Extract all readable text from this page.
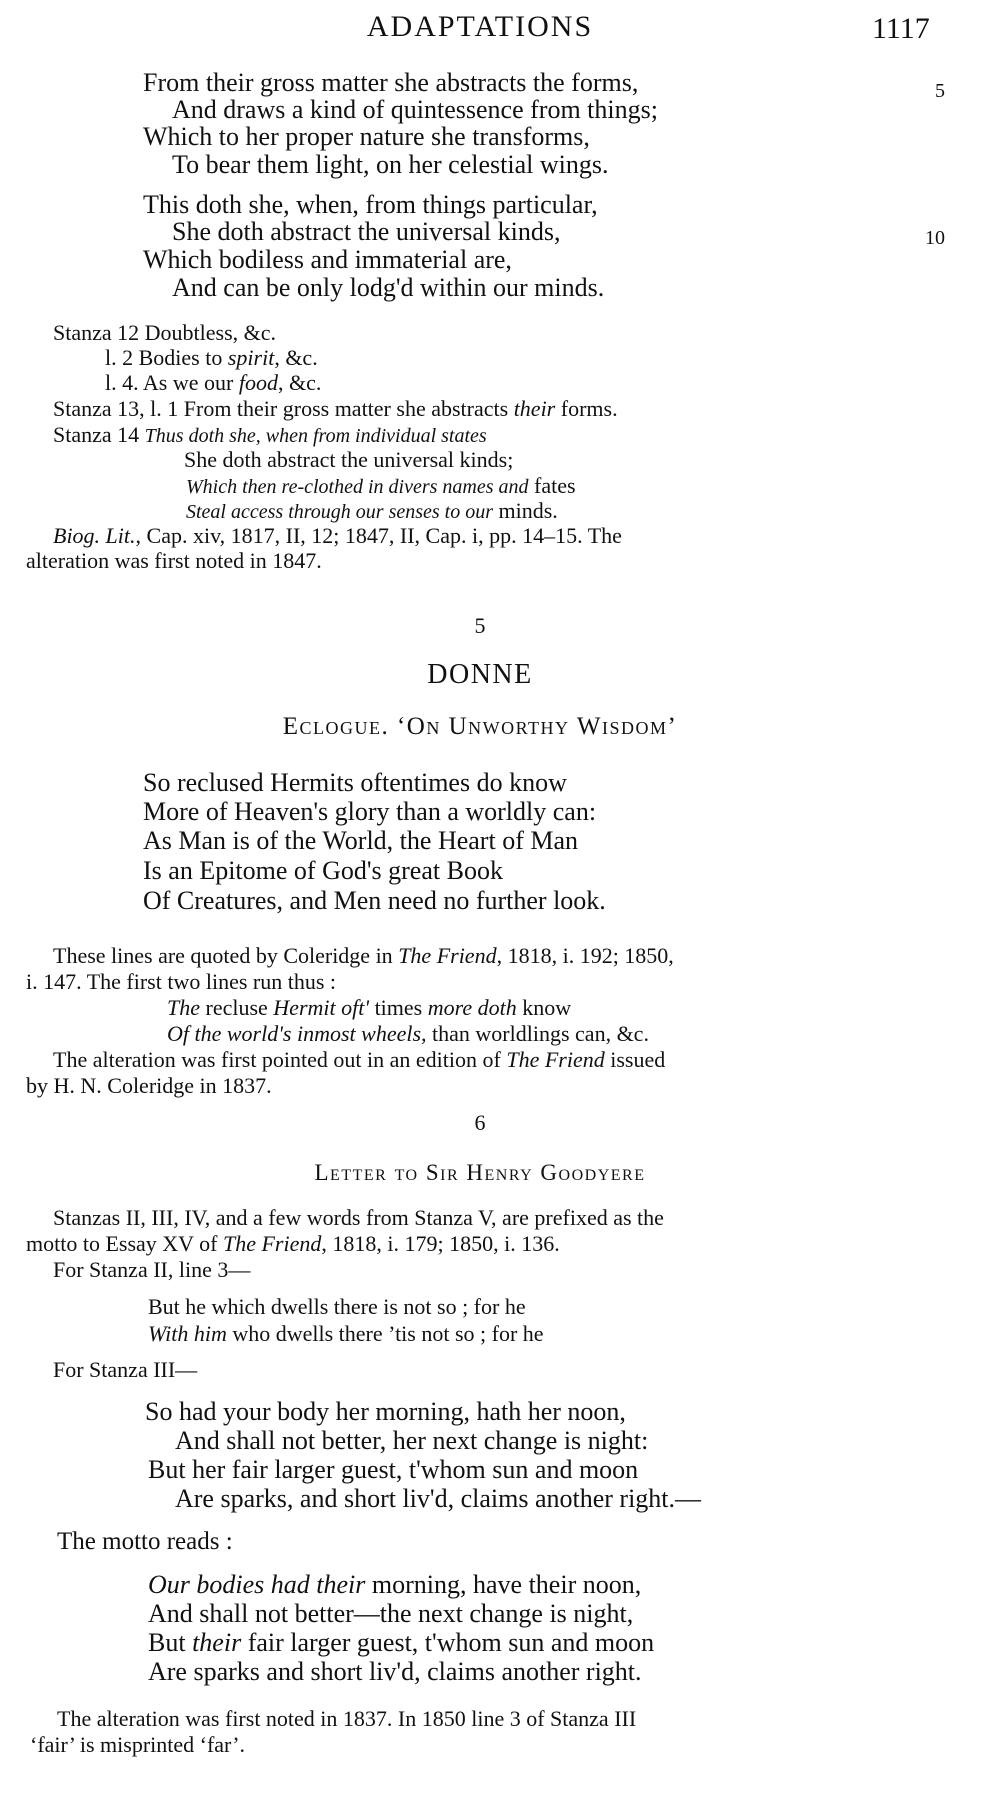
ADAPTATIONS	1117
From their gross matter she abstracts the forms,	5
And draws a kind of quintessence from things;
Which to her proper nature she transforms,
To bear them light, on her celestial wings.
This doth she, when, from things particular,
She doth abstract the universal kinds,	10
Which bodiless and immaterial are,
And can be only lodg'd within our minds.
Stanza 12 Doubtless, &c.
l. 2 Bodies to spirit, &c.
l. 4. As we our food, &c.
Stanza 13, l. 1 From their gross matter she abstracts their forms.
Stanza 14 Thus doth she, when from individual states
She doth abstract the universal kinds;
Which then re-clothed in divers names and fates
Steal access through our senses to our minds.
Biog. Lit., Cap. xiv, 1817, II, 12; 1847, II, Cap. i, pp. 14–15. The
alteration was first noted in 1847.
5
DONNE
Eclogue. ‘On Unworthy Wisdom’
So reclused Hermits oftentimes do know
More of Heaven's glory than a worldly can:
As Man is of the World, the Heart of Man
Is an Epitome of God's great Book
Of Creatures, and Men need no further look.
These lines are quoted by Coleridge in The Friend, 1818, i. 192; 1850,
i. 147. The first two lines run thus :
The recluse Hermit oft' times more doth know
Of the world's inmost wheels, than worldlings can, &c.
The alteration was first pointed out in an edition of The Friend issued
by H. N. Coleridge in 1837.
6
Letter to Sir Henry Goodyere
Stanzas II, III, IV, and a few words from Stanza V, are prefixed as the
motto to Essay XV of The Friend, 1818, i. 179; 1850, i. 136.
For Stanza II, line 3—
But he which dwells there is not so ; for he
With him who dwells there ’tis not so ; for he
For Stanza III—
So had your body her morning, hath her noon,
And shall not better, her next change is night:
But her fair larger guest, t'whom sun and moon
Are sparks, and short liv'd, claims another right.—
The motto reads :
Our bodies had their morning, have their noon,
And shall not better—the next change is night,
But their fair larger guest, t'whom sun and moon
Are sparks and short liv'd, claims another right.
The alteration was first noted in 1837. In 1850 line 3 of Stanza III
‘fair’ is misprinted ‘far’.
